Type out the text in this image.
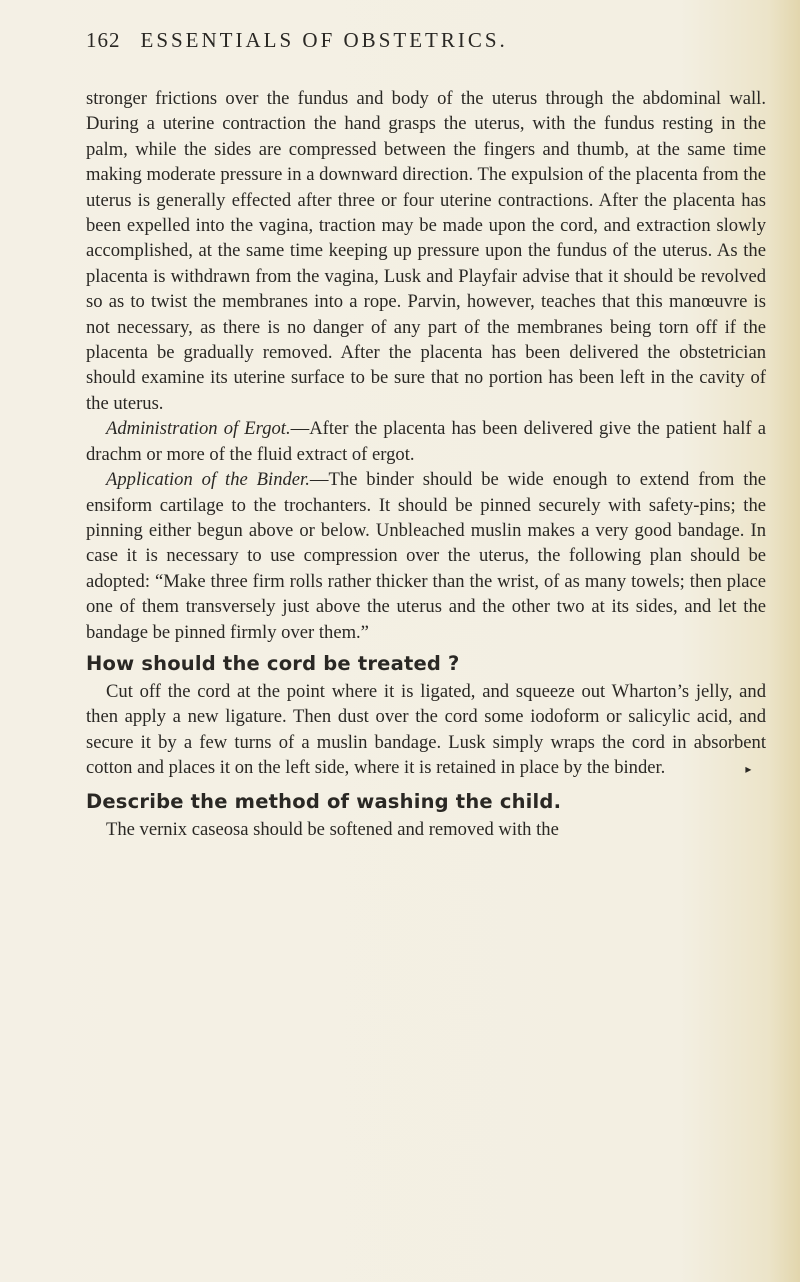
162 ESSENTIALS OF OBSTETRICS.

stronger frictions over the fundus and body of the uterus through the abdominal wall. During a uterine contraction the hand grasps the uterus, with the fundus resting in the palm, while the sides are compressed between the fingers and thumb, at the same time making moderate pressure in a downward direction. The expulsion of the placenta from the uterus is generally effected after three or four uterine contractions. After the placenta has been expelled into the vagina, traction may be made upon the cord, and extraction slowly accomplished, at the same time keeping up pressure upon the fundus of the uterus. As the placenta is withdrawn from the vagina, Lusk and Playfair advise that it should be revolved so as to twist the membranes into a rope. Parvin, however, teaches that this manœuvre is not necessary, as there is no danger of any part of the membranes being torn off if the placenta be gradually removed. After the placenta has been delivered the obstetrician should examine its uterine surface to be sure that no portion has been left in the cavity of the uterus.

Administration of Ergot.—After the placenta has been delivered give the patient half a drachm or more of the fluid extract of ergot.

Application of the Binder.—The binder should be wide enough to extend from the ensiform cartilage to the trochanters. It should be pinned securely with safety-pins; the pinning either begun above or below. Unbleached muslin makes a very good bandage. In case it is necessary to use compression over the uterus, the following plan should be adopted: “Make three firm rolls rather thicker than the wrist, of as many towels; then place one of them transversely just above the uterus and the other two at its sides, and let the bandage be pinned firmly over them.”

How should the cord be treated ?

Cut off the cord at the point where it is ligated, and squeeze out Wharton’s jelly, and then apply a new ligature. Then dust over the cord some iodoform or salicylic acid, and secure it by a few turns of a muslin bandage. Lusk simply wraps the cord in absorbent cotton and places it on the left side, where it is retained in place by the binder.	▸

Describe the method of washing the child.

The vernix caseosa should be softened and removed with the
